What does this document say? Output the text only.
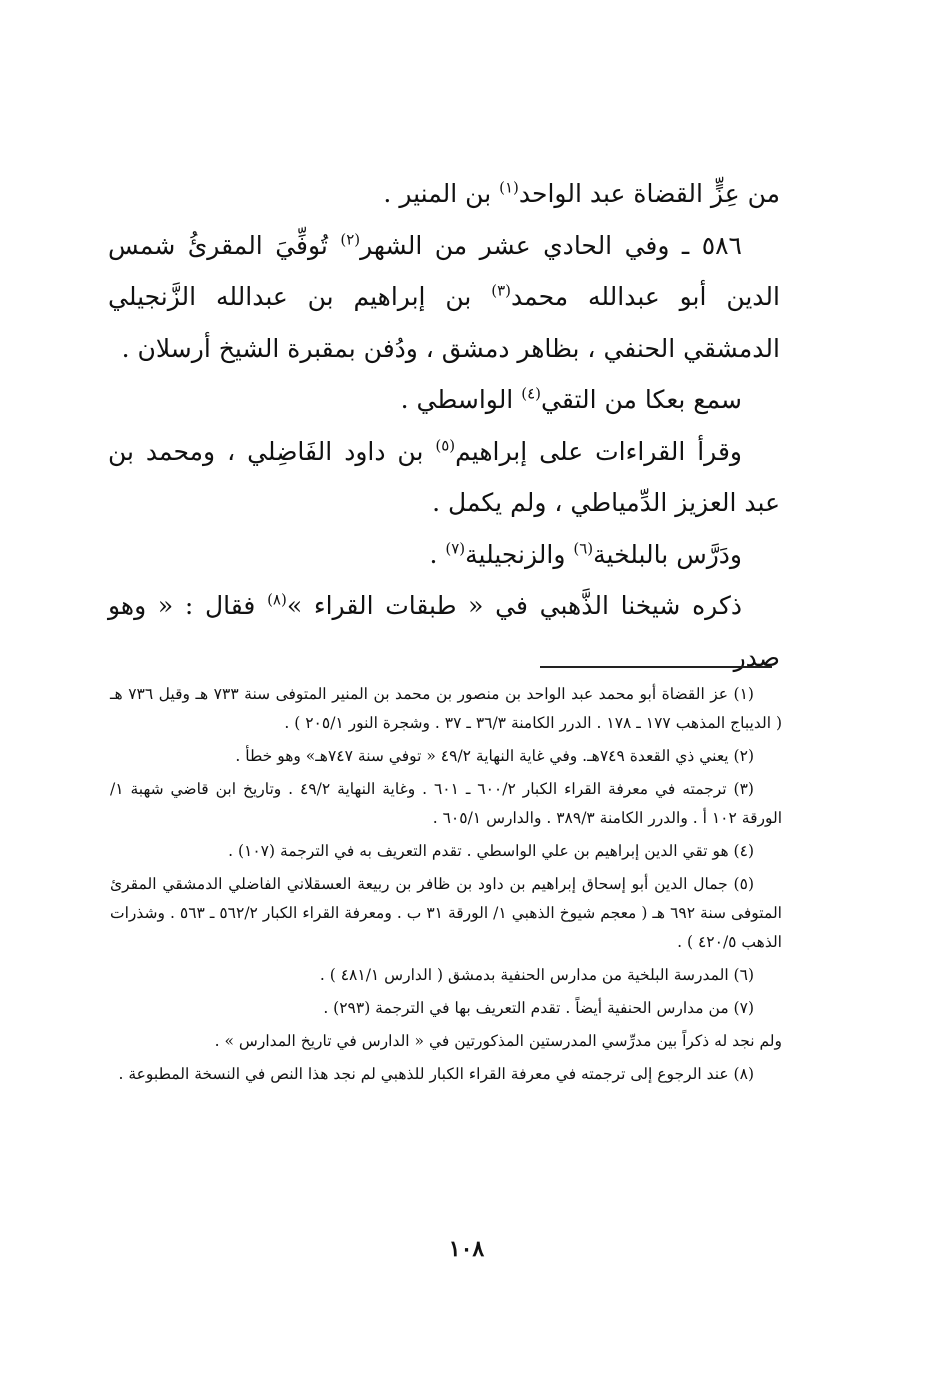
من عِزٍّ القضاة عبد الواحد$^{(١)}$ بن المنير .

٥٨٦ ـ وفي الحادي عشر من الشهر$^{(٢)}$ تُوفِّيَ المقرئُ شمس الدين أبو عبدالله محمد$^{(٣)}$ بن إبراهيم بن عبدالله الزَّنجيلي الدمشقي الحنفي ، بظاهر دمشق ، ودُفن بمقبرة الشيخ أرسلان .

سمع بعكا من التقي$^{(٤)}$ الواسطي .

وقرأ القراءات على إبراهيم$^{(٥)}$ بن داود الفَاضِلي ، ومحمد بن عبد العزيز الدِّمياطي ، ولم يكمل .

ودَرَّس بالبلخية$^{(٦)}$ والزنجيلية$^{(٧)}$ .

ذكره شيخنا الذَّهبي في « طبقات القراء »$^{(٨)}$ فقال : « وهو صدر

(١) عز القضاة أبو محمد عبد الواحد بن منصور بن محمد بن المنير المتوفى سنة ٧٣٣ هـ وقيل ٧٣٦ هـ ( الديباج المذهب ١٧٧ ـ ١٧٨ . الدرر الكامنة ٣٦/٣ ـ ٣٧ . وشجرة النور ٢٠٥/١ ) .

(٢) يعني ذي القعدة ٧٤٩هـ. وفي غاية النهاية ٤٩/٢ « توفي سنة ٧٤٧هـ» وهو خطأ .

(٣) ترجمته في معرفة القراء الكبار ٦٠٠/٢ ـ ٦٠١ . وغاية النهاية ٤٩/٢ . وتاريخ ابن قاضي شهبة ١/ الورقة ١٠٢ أ . والدرر الكامنة ٣٨٩/٣ . والدارس ٦٠٥/١ .

(٤) هو تقي الدين إبراهيم بن علي الواسطي . تقدم التعريف به في الترجمة (١٠٧) .

(٥) جمال الدين أبو إسحاق إبراهيم بن داود بن ظافر بن ربيعة العسقلاني الفاضلي الدمشقي المقرئ المتوفى سنة ٦٩٢ هـ ( معجم شيوخ الذهبي ١/ الورقة ٣١ ب . ومعرفة القراء الكبار ٥٦٢/٢ ـ ٥٦٣ . وشذرات الذهب ٤٢٠/٥ ) .

(٦) المدرسة البلخية من مدارس الحنفية بدمشق ( الدارس ٤٨١/١ ) .

(٧) من مدارس الحنفية أيضاً . تقدم التعريف بها في الترجمة (٢٩٣) .

ولم نجد له ذكراً بين مدرِّسي المدرستين المذكورتين في « الدارس في تاريخ المدارس » .

(٨) عند الرجوع إلى ترجمته في معرفة القراء الكبار للذهبي لم نجد هذا النص في النسخة المطبوعة .

١٠٨
